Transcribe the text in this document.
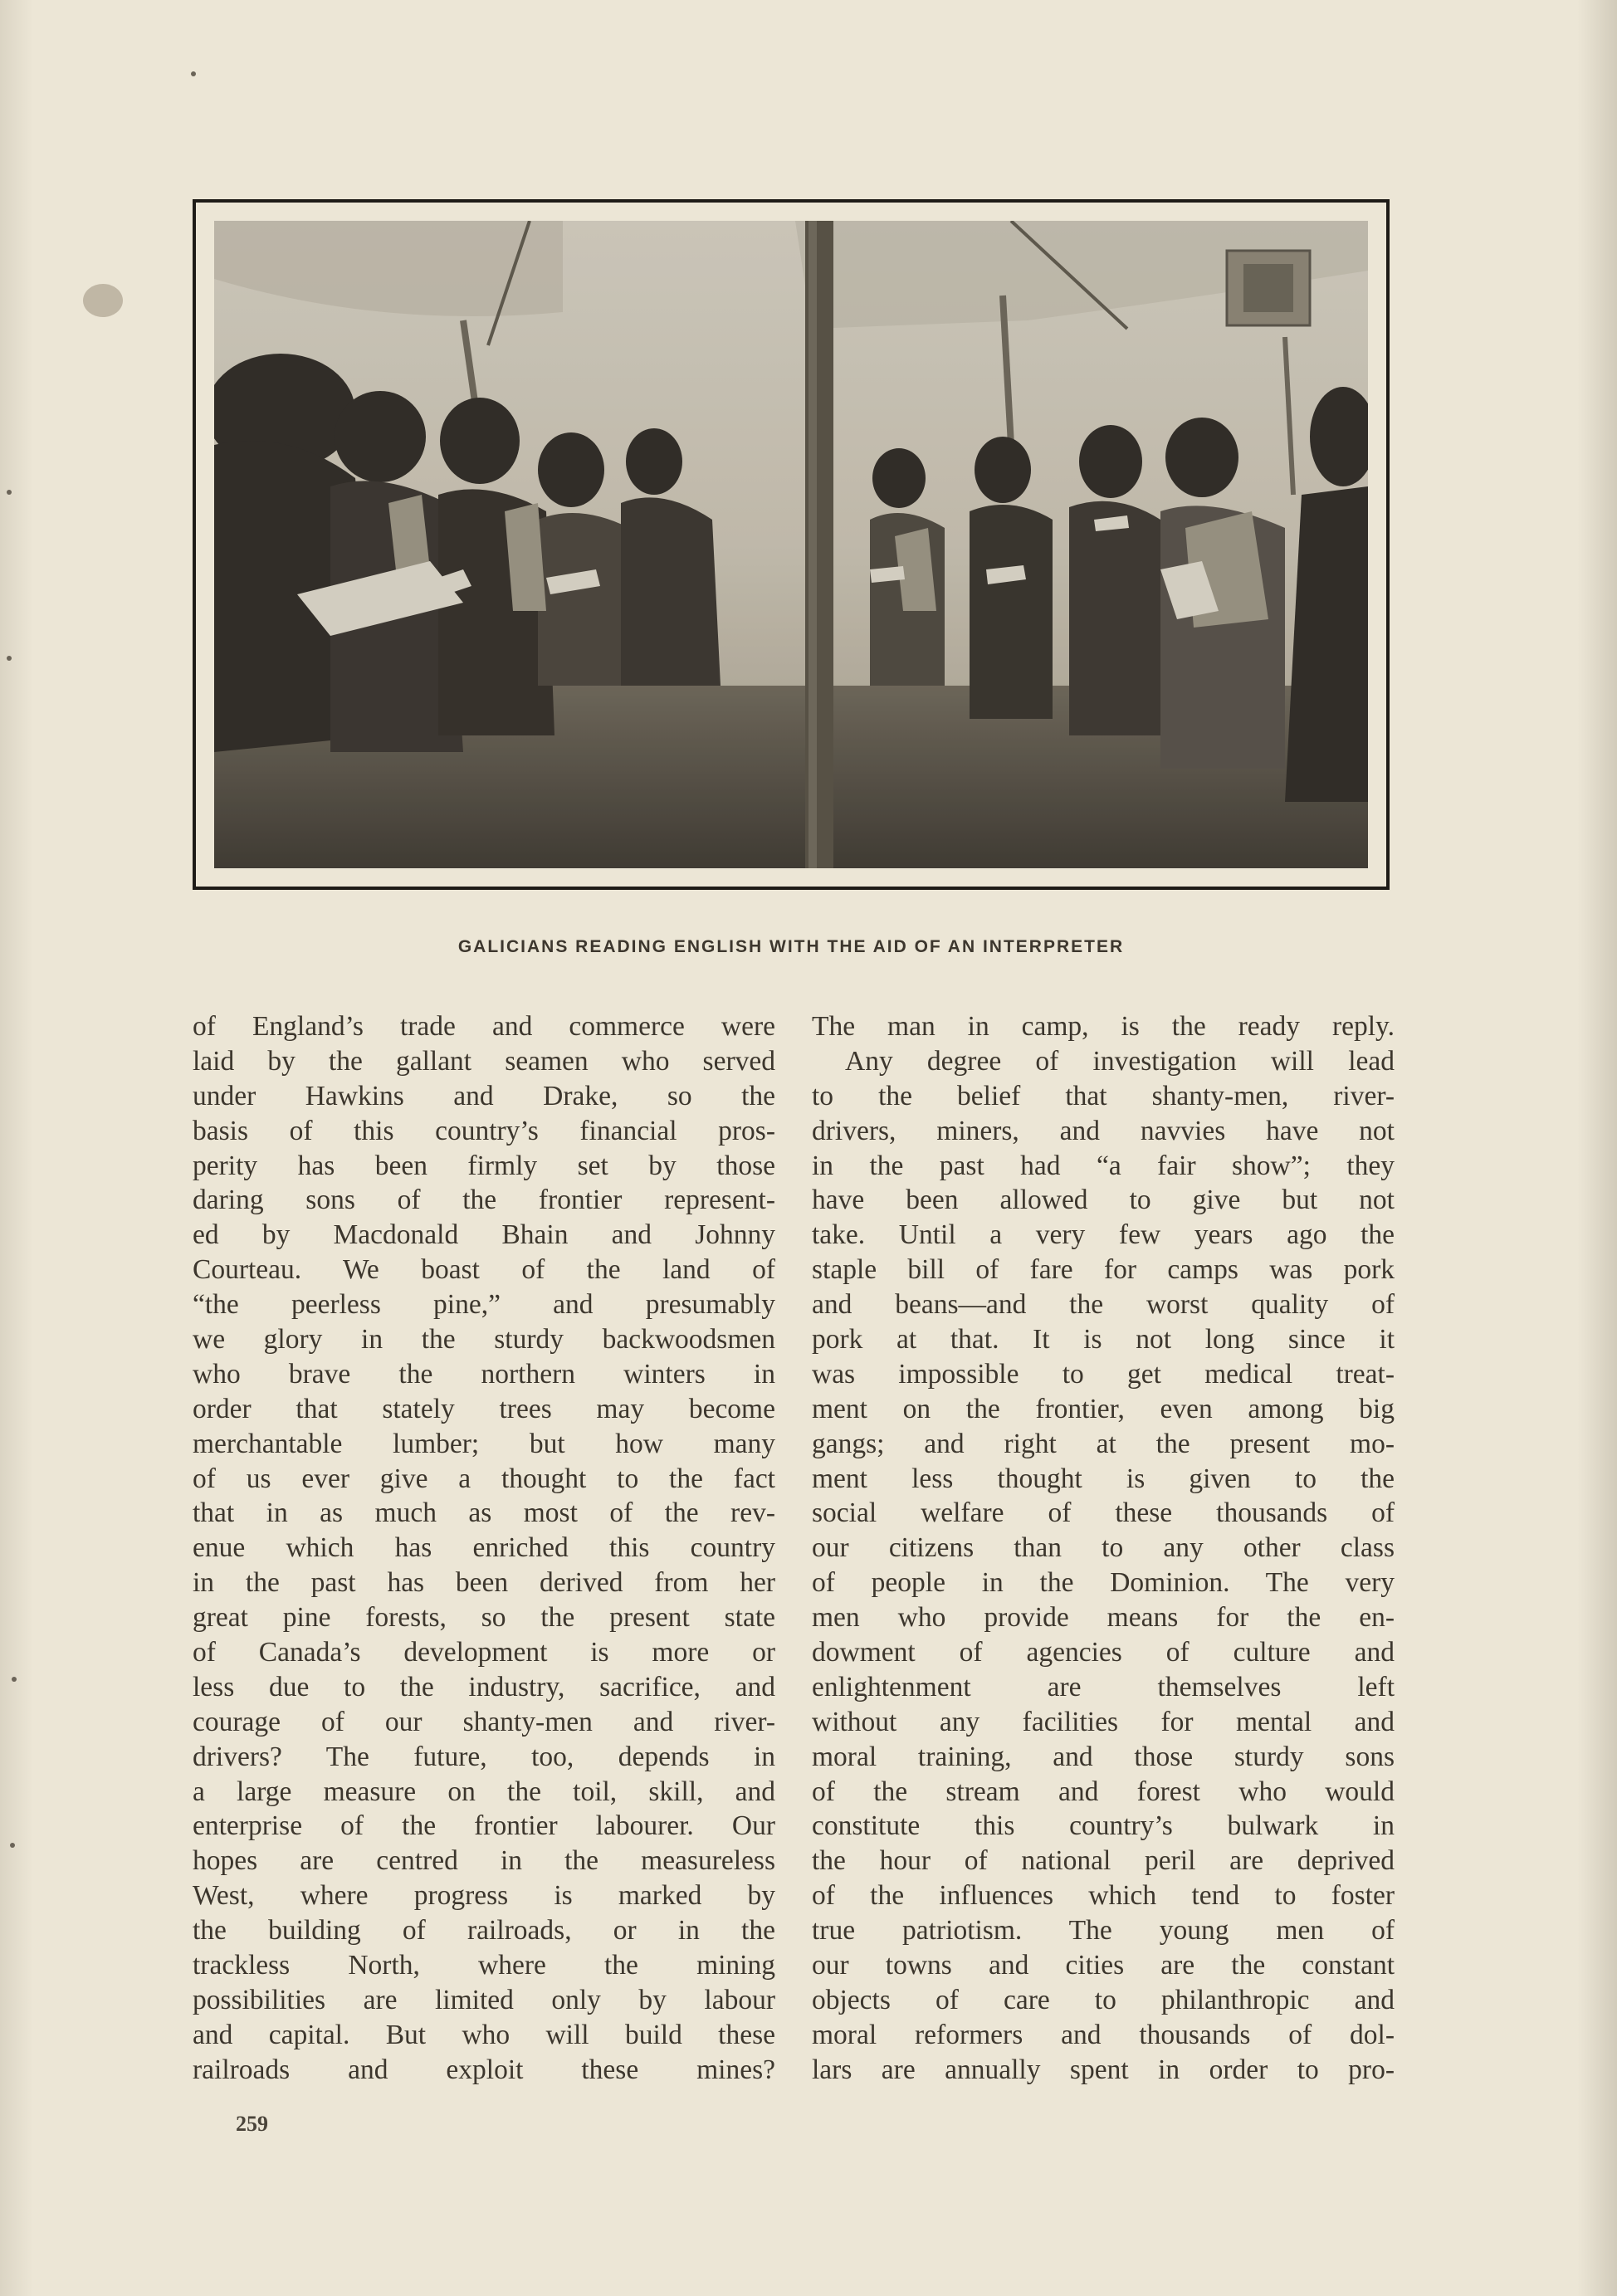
GALICIANS READING ENGLISH WITH THE AID OF AN INTERPRETER
of England’s trade and commerce were
laid by the gallant seamen who served
under Hawkins and Drake, so the
basis of this country’s financial pros-
perity has been firmly set by those
daring sons of the frontier represent-
ed by Macdonald Bhain and Johnny
Courteau. We boast of the land of
“the peerless pine,” and presumably
we glory in the sturdy backwoodsmen
who brave the northern winters in
order that stately trees may become
merchantable lumber; but how many
of us ever give a thought to the fact
that in as much as most of the rev-
enue which has enriched this country
in the past has been derived from her
great pine forests, so the present state
of Canada’s development is more or
less due to the industry, sacrifice, and
courage of our shanty-men and river-
drivers? The future, too, depends in
a large measure on the toil, skill, and
enterprise of the frontier labourer. Our
hopes are centred in the measureless
West, where progress is marked by
the building of railroads, or in the
trackless North, where the mining
possibilities are limited only by labour
and capital. But who will build these
railroads and exploit these mines?
The man in camp, is the ready reply.
Any degree of investigation will lead
to the belief that shanty-men, river-
drivers, miners, and navvies have not
in the past had “a fair show”; they
have been allowed to give but not
take. Until a very few years ago the
staple bill of fare for camps was pork
and beans—and the worst quality of
pork at that. It is not long since it
was impossible to get medical treat-
ment on the frontier, even among big
gangs; and right at the present mo-
ment less thought is given to the
social welfare of these thousands of
our citizens than to any other class
of people in the Dominion. The very
men who provide means for the en-
dowment of agencies of culture and
enlightenment are themselves left
without any facilities for mental and
moral training, and those sturdy sons
of the stream and forest who would
constitute this country’s bulwark in
the hour of national peril are deprived
of the influences which tend to foster
true patriotism. The young men of
our towns and cities are the constant
objects of care to philanthropic and
moral reformers and thousands of dol-
lars are annually spent in order to pro-
259
